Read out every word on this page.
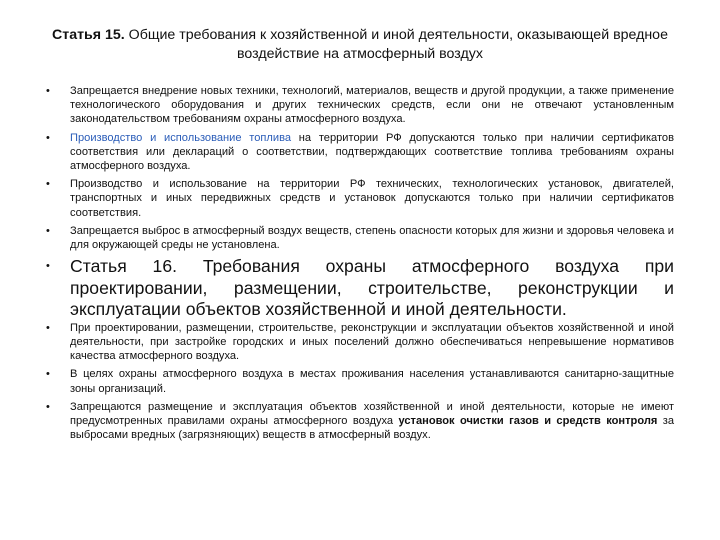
Статья 15. Общие требования к хозяйственной и иной деятельности, оказывающей вредное воздействие на атмосферный воздух
• Запрещается внедрение новых техники, технологий, материалов, веществ и другой продукции, а также применение технологического оборудования и других технических средств, если они не отвечают установленным законодательством требованиям охраны атмосферного воздуха.
• Производство и использование топлива на территории РФ допускаются только при наличии сертификатов соответствия или деклараций о соответствии, подтверждающих соответствие топлива требованиям охраны атмосферного воздуха.
• Производство и использование на территории РФ технических, технологических установок, двигателей, транспортных и иных передвижных средств и установок допускаются только при наличии сертификатов соответствия.
• Запрещается выброс в атмосферный воздух веществ, степень опасности которых для жизни и здоровья человека и для окружающей среды не установлена.
• Статья 16. Требования охраны атмосферного воздуха при проектировании, размещении, строительстве, реконструкции и эксплуатации объектов хозяйственной и иной деятельности.
• При проектировании, размещении, строительстве, реконструкции и эксплуатации объектов хозяйственной и иной деятельности, при застройке городских и иных поселений должно обеспечиваться непревышение нормативов качества атмосферного воздуха.
• В целях охраны атмосферного воздуха в местах проживания населения устанавливаются санитарно-защитные зоны организаций.
• Запрещаются размещение и эксплуатация объектов хозяйственной и иной деятельности, которые не имеют предусмотренных правилами охраны атмосферного воздуха установок очистки газов и средств контроля за выбросами вредных (загрязняющих) веществ в атмосферный воздух.
